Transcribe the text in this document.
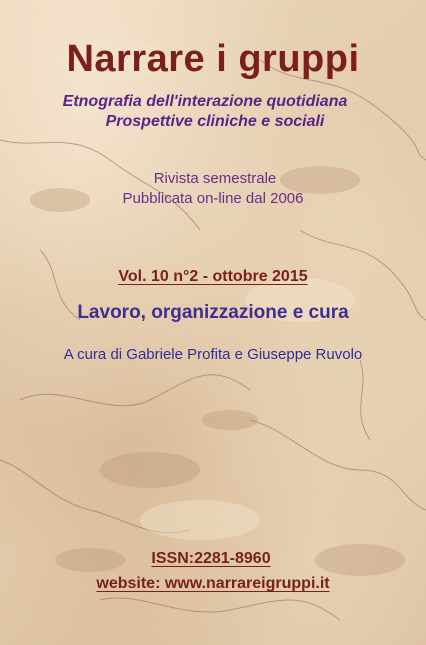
Narrare i gruppi
Etnografia dell'interazione quotidiana
Prospettive cliniche e sociali
Rivista semestrale
Pubblicata on-line dal 2006
Vol. 10 n°2 - ottobre 2015
Lavoro, organizzazione e cura
A cura di Gabriele Profita e Giuseppe Ruvolo
ISSN:2281-8960
website: www.narrareigruppi.it
